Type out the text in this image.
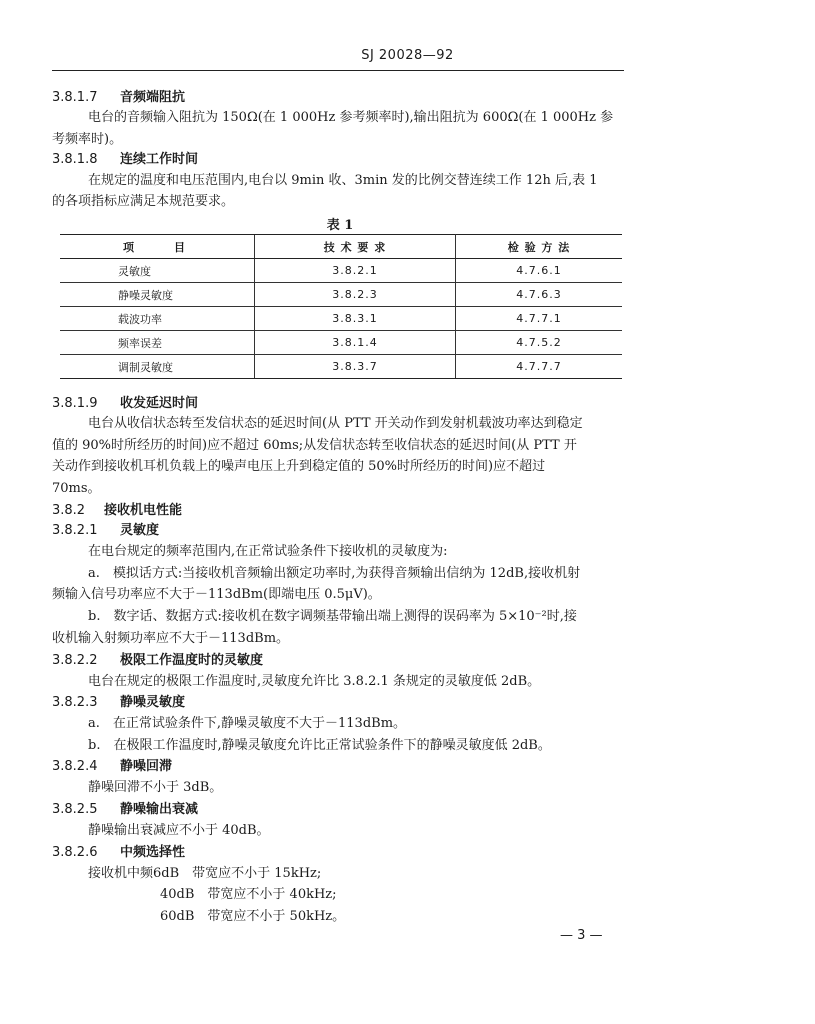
SJ 20028—92
3.8.1.7 音频端阻抗
电台的音频输入阻抗为 150Ω(在 1 000Hz 参考频率时),输出阻抗为 600Ω(在 1 000Hz 参
考频率时)。
3.8.1.8 连续工作时间
在规定的温度和电压范围内,电台以 9min 收、3min 发的比例交替连续工作 12h 后,表 1
的各项指标应满足本规范要求。
表 1
项　　目	技 术 要 求	检 验 方 法
灵敏度	3.8.2.1	4.7.6.1
静噪灵敏度	3.8.2.3	4.7.6.3
载波功率	3.8.3.1	4.7.7.1
频率误差	3.8.1.4	4.7.5.2
调制灵敏度	3.8.3.7	4.7.7.7
3.8.1.9 收发延迟时间
电台从收信状态转至发信状态的延迟时间(从 PTT 开关动作到发射机载波功率达到稳定
值的 90%时所经历的时间)应不超过 60ms;从发信状态转至收信状态的延迟时间(从 PTT 开
关动作到接收机耳机负载上的噪声电压上升到稳定值的 50%时所经历的时间)应不超过
70ms。
3.8.2 接收机电性能
3.8.2.1 灵敏度
在电台规定的频率范围内,在正常试验条件下接收机的灵敏度为:
a.　模拟话方式:当接收机音频输出额定功率时,为获得音频输出信纳为 12dB,接收机射
频输入信号功率应不大于－113dBm(即端电压 0.5μV)。
b.　数字话、数据方式:接收机在数字调频基带输出端上测得的误码率为 5×10⁻²时,接
收机输入射频功率应不大于－113dBm。
3.8.2.2 极限工作温度时的灵敏度
电台在规定的极限工作温度时,灵敏度允许比 3.8.2.1 条规定的灵敏度低 2dB。
3.8.2.3 静噪灵敏度
a.　在正常试验条件下,静噪灵敏度不大于－113dBm。
b.　在极限工作温度时,静噪灵敏度允许比正常试验条件下的静噪灵敏度低 2dB。
3.8.2.4 静噪回滞
静噪回滞不小于 3dB。
3.8.2.5 静噪输出衰减
静噪输出衰减应不小于 40dB。
3.8.2.6 中频选择性
接收机中频6dB　带宽应不小于 15kHz;
40dB　带宽应不小于 40kHz;
60dB　带宽应不小于 50kHz。
— 3 —
